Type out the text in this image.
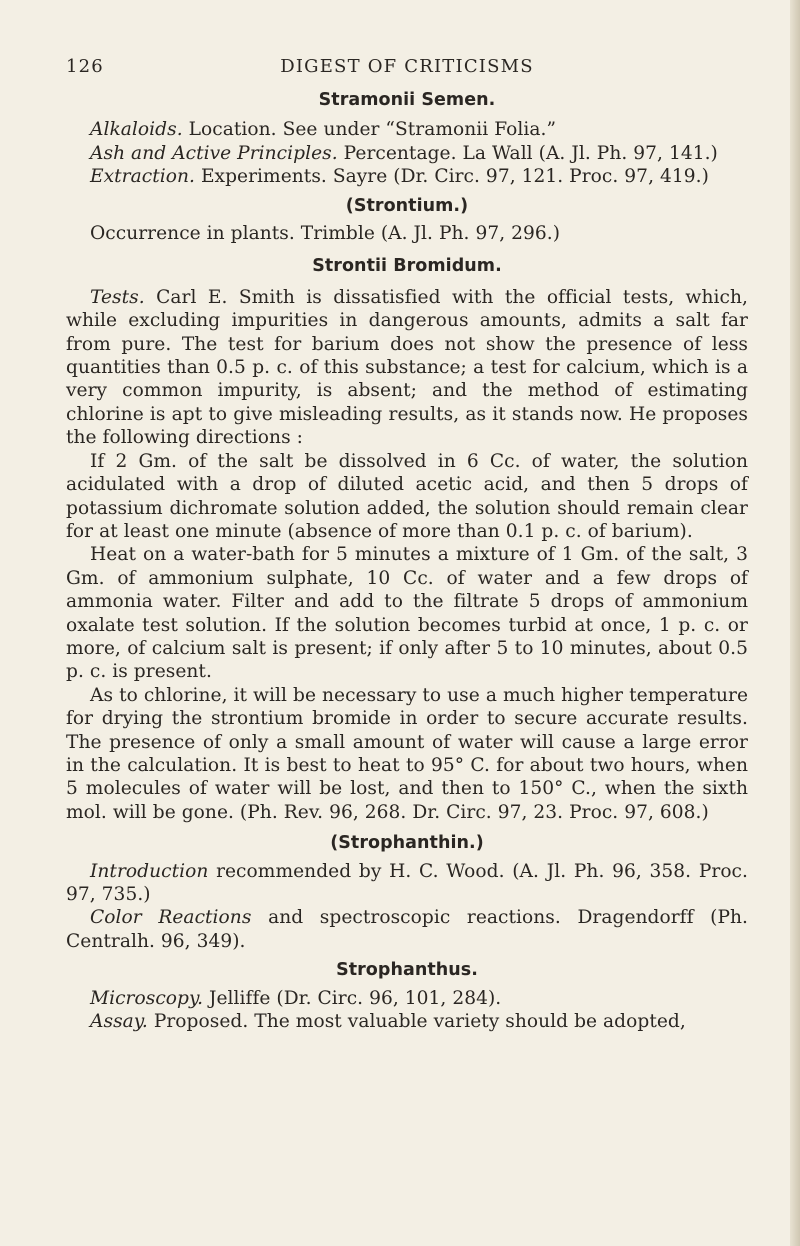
126	DIGEST OF CRITICISMS
Stramonii Semen.

Alkaloids. Location. See under “Stramonii Folia.”

Ash and Active Principles. Percentage. La Wall (A. Jl. Ph. 97, 141.)

Extraction. Experiments. Sayre (Dr. Circ. 97, 121. Proc. 97, 419.)

(Strontium.)

Occurrence in plants. Trimble (A. Jl. Ph. 97, 296.)

Strontii Bromidum.

Tests. Carl E. Smith is dissatisfied with the official tests, which, while excluding impurities in dangerous amounts, admits a salt far from pure. The test for barium does not show the presence of less quantities than 0.5 p. c. of this substance; a test for calcium, which is a very common impurity, is absent; and the method of estimating chlorine is apt to give misleading results, as it stands now. He proposes the following directions :

If 2 Gm. of the salt be dissolved in 6 Cc. of water, the solution acidulated with a drop of diluted acetic acid, and then 5 drops of potassium dichromate solution added, the solution should remain clear for at least one minute (absence of more than 0.1 p. c. of barium).

Heat on a water-bath for 5 minutes a mixture of 1 Gm. of the salt, 3 Gm. of ammonium sulphate, 10 Cc. of water and a few drops of ammonia water. Filter and add to the filtrate 5 drops of ammonium oxalate test solution. If the solution becomes turbid at once, 1 p. c. or more, of calcium salt is present; if only after 5 to 10 minutes, about 0.5 p. c. is present.

As to chlorine, it will be necessary to use a much higher temperature for drying the strontium bromide in order to secure accurate results. The presence of only a small amount of water will cause a large error in the calculation. It is best to heat to 95° C. for about two hours, when 5 molecules of water will be lost, and then to 150° C., when the sixth mol. will be gone. (Ph. Rev. 96, 268. Dr. Circ. 97, 23. Proc. 97, 608.)

(Strophanthin.)

Introduction recommended by H. C. Wood. (A. Jl. Ph. 96, 358. Proc. 97, 735.)

Color Reactions and spectroscopic reactions. Dragendorff (Ph. Centralh. 96, 349).

Strophanthus.

Microscopy. Jelliffe (Dr. Circ. 96, 101, 284).

Assay. Proposed. The most valuable variety should be adopted,
